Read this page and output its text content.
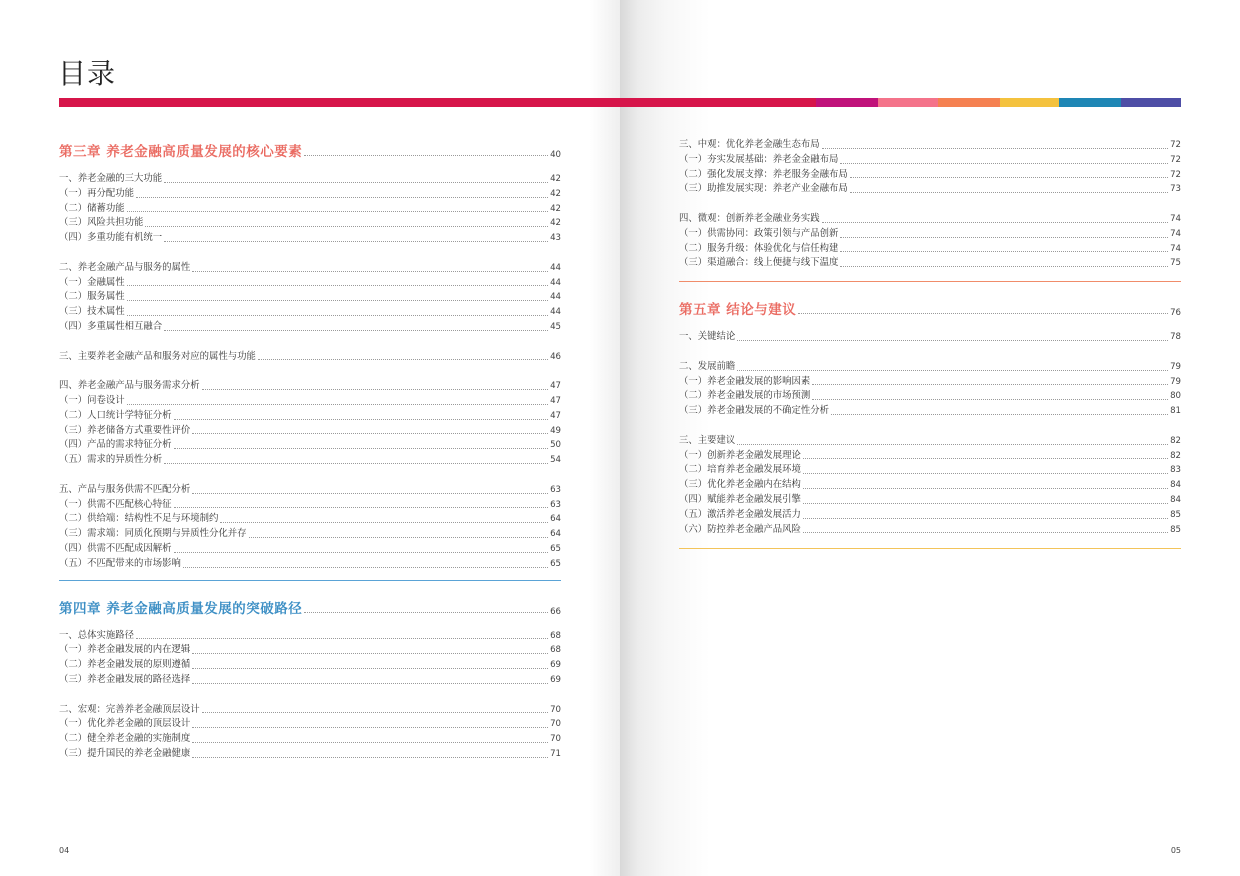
目录
第三章 养老金融高质量发展的核心要素	40
一、养老金融的三大功能	42
（一）再分配功能	42
（二）储蓄功能	42
（三）风险共担功能	42
（四）多重功能有机统一	43
二、养老金融产品与服务的属性	44
（一）金融属性	44
（二）服务属性	44
（三）技术属性	44
（四）多重属性相互融合	45
三、主要养老金融产品和服务对应的属性与功能	46
四、养老金融产品与服务需求分析	47
（一）问卷设计	47
（二）人口统计学特征分析	47
（三）养老储备方式重要性评价	49
（四）产品的需求特征分析	50
（五）需求的异质性分析	54
五、产品与服务供需不匹配分析	63
（一）供需不匹配核心特征	63
（二）供给端：结构性不足与环境制约	64
（三）需求端：同质化预期与异质性分化并存	64
（四）供需不匹配成因解析	65
（五）不匹配带来的市场影响	65
第四章 养老金融高质量发展的突破路径	66
一、总体实施路径	68
（一）养老金融发展的内在逻辑	68
（二）养老金融发展的原则遵循	69
（三）养老金融发展的路径选择	69
二、宏观：完善养老金融顶层设计	70
（一）优化养老金融的顶层设计	70
（二）健全养老金融的实施制度	70
（三）提升国民的养老金融健康	71
三、中观：优化养老金融生态布局	72
（一）夯实发展基础：养老金金融布局	72
（二）强化发展支撑：养老服务金融布局	72
（三）助推发展实现：养老产业金融布局	73
四、微观：创新养老金融业务实践	74
（一）供需协同：政策引领与产品创新	74
（二）服务升级：体验优化与信任构建	74
（三）渠道融合：线上便捷与线下温度	75
第五章 结论与建议	76
一、关键结论	78
二、发展前瞻	79
（一）养老金融发展的影响因素	79
（二）养老金融发展的市场预测	80
（三）养老金融发展的不确定性分析	81
三、主要建议	82
（一）创新养老金融发展理论	82
（二）培育养老金融发展环境	83
（三）优化养老金融内在结构	84
（四）赋能养老金融发展引擎	84
（五）激活养老金融发展活力	85
（六）防控养老金融产品风险	85
04	05
